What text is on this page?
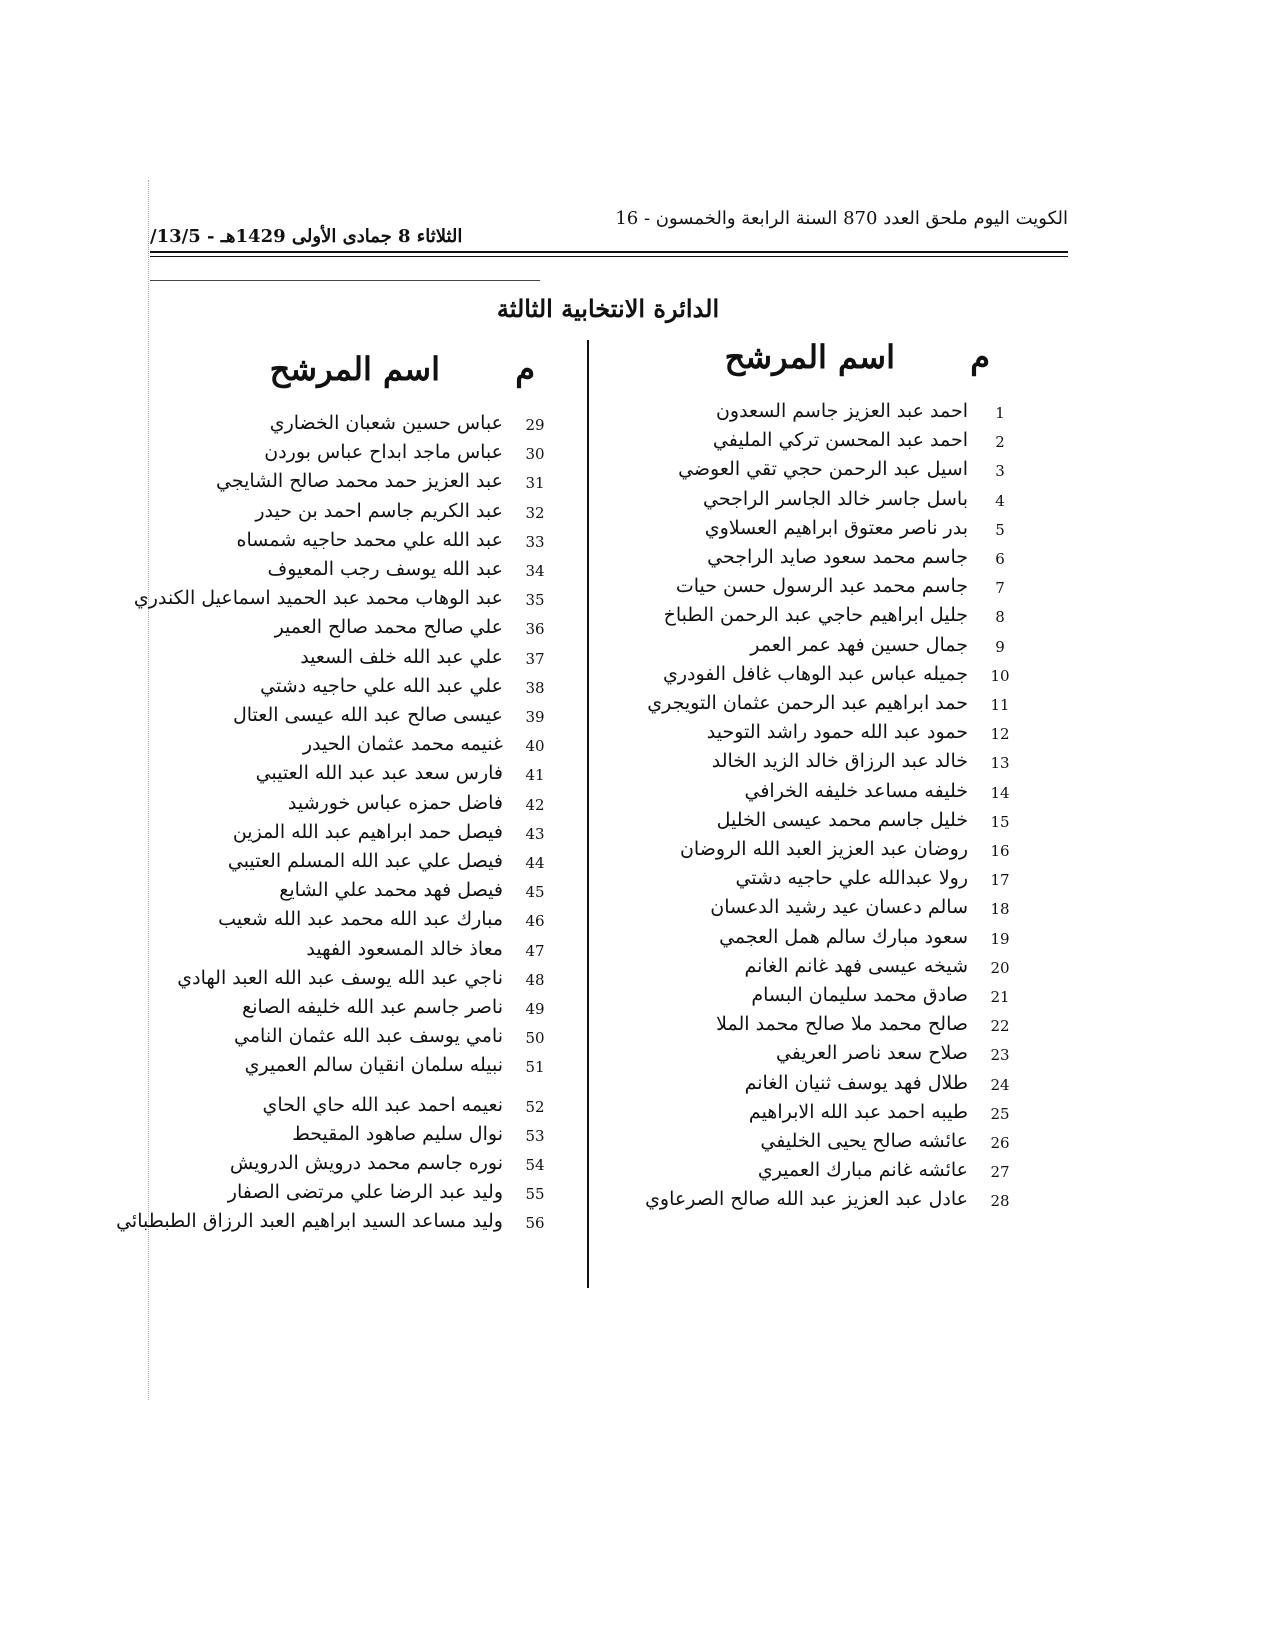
الكويت اليوم ملحق العدد 870 السنة الرابعة والخمسون - 16
الثلاثاء 8 جمادى الأولى 1429هـ - 13/5/
الدائرة الانتخابية الثالثة
م
اسم المرشح
م
اسم المرشح
1
احمد عبد العزيز جاسم السعدون
2
احمد عبد المحسن تركي المليفي
3
اسيل عبد الرحمن حجي تقي العوضي
4
باسل جاسر خالد الجاسر الراجحي
5
بدر ناصر معتوق ابراهيم العسلاوي
6
جاسم محمد سعود صايد الراجحي
7
جاسم محمد عبد الرسول حسن حيات
8
جليل ابراهيم حاجي عبد الرحمن الطباخ
9
جمال حسين فهد عمر العمر
10
جميله عباس عبد الوهاب غافل الفودري
11
حمد ابراهيم عبد الرحمن عثمان التويجري
12
حمود عبد الله حمود راشد التوحيد
13
خالد عبد الرزاق خالد الزيد الخالد
14
خليفه مساعد خليفه الخرافي
15
خليل جاسم محمد عيسى الخليل
16
روضان عبد العزيز العبد الله الروضان
17
رولا عبدالله علي حاجيه دشتي
18
سالم دعسان عيد رشيد الدعسان
19
سعود مبارك سالم همل العجمي
20
شيخه عيسى فهد غانم الغانم
21
صادق محمد سليمان البسام
22
صالح محمد ملا صالح محمد الملا
23
صلاح سعد ناصر العريفي
24
طلال فهد يوسف ثنيان الغانم
25
طيبه احمد عبد الله الابراهيم
26
عائشه صالح يحيى الخليفي
27
عائشه غانم مبارك العميري
28
عادل عبد العزيز عبد الله صالح الصرعاوي
29
عباس حسين شعبان الخضاري
30
عباس ماجد ابداح عباس بوردن
31
عبد العزيز حمد محمد صالح الشايجي
32
عبد الكريم جاسم احمد بن حيدر
33
عبد الله علي محمد حاجيه شمساه
34
عبد الله يوسف رجب المعيوف
35
عبد الوهاب محمد عبد الحميد اسماعيل الكندري
36
علي صالح محمد صالح العمير
37
علي عبد الله خلف السعيد
38
علي عبد الله علي حاجيه دشتي
39
عيسى صالح عبد الله عيسى العتال
40
غنيمه محمد عثمان الحيدر
41
فارس سعد عبد عبد الله العتيبي
42
فاضل حمزه عباس خورشيد
43
فيصل حمد ابراهيم عبد الله المزين
44
فيصل علي عبد الله المسلم العتيبي
45
فيصل فهد محمد علي الشايع
46
مبارك عبد الله محمد عبد الله شعيب
47
معاذ خالد المسعود الفهيد
48
ناجي عبد الله يوسف عبد الله العبد الهادي
49
ناصر جاسم عبد الله خليفه الصانع
50
نامي يوسف عبد الله عثمان النامي
51
نبيله سلمان انقيان سالم العميري
52
نعيمه احمد عبد الله حاي الحاي
53
نوال سليم صاهود المقيحط
54
نوره جاسم محمد درويش الدرويش
55
وليد عبد الرضا علي مرتضى الصفار
56
وليد مساعد السيد ابراهيم العبد الرزاق الطبطبائي
